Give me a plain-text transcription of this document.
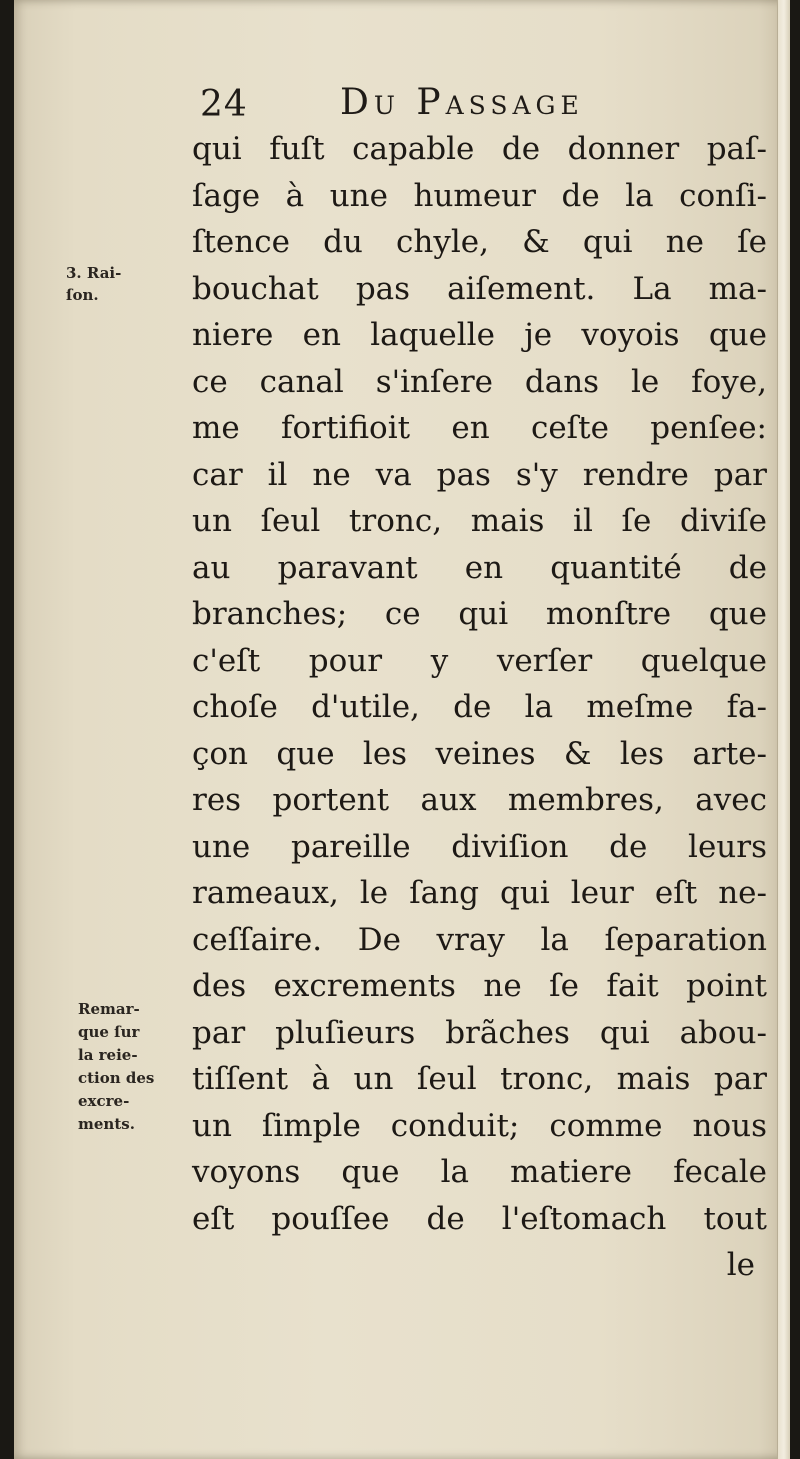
24	Du Passage
3. Rai-
ſon.
Remar-
que ſur
la reie-
ction des
excre-
ments.
qui fuſt capable de donner paſ-
ſage à une humeur de la conſi-
ſtence du chyle, & qui ne ſe
bouchat pas aiſement. La ma-
niere en laquelle je voyois que
ce canal s'inſere dans le foye,
me fortifioit en ceſte penſee:
car il ne va pas s'y rendre par
un ſeul tronc, mais il ſe diviſe
au paravant en quantité de
branches; ce qui monſtre que
c'eſt pour y verſer quelque
choſe d'utile, de la meſme fa-
çon que les veines & les arte-
res portent aux membres, avec
une pareille diviſion de leurs
rameaux, le ſang qui leur eſt ne-
ceſſaire. De vray la ſeparation
des excrements ne ſe fait point
par pluſieurs brãches qui abou-
tiſſent à un ſeul tronc, mais par
un ſimple conduit; comme nous
voyons que la matiere fecale
eſt pouſſee de l'eſtomach tout
le
